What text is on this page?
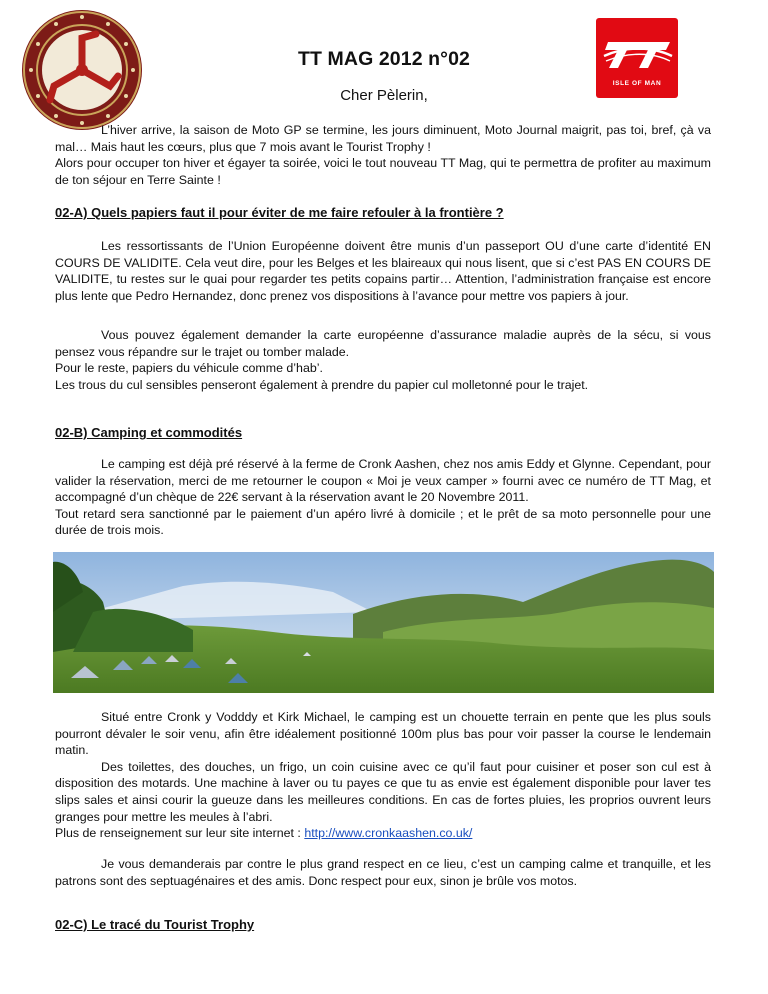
ISLE OF MAN
TT MAG 2012 n°02
Cher Pèlerin,
L’hiver arrive, la saison de Moto GP se termine, les jours diminuent, Moto Journal maigrit, pas toi, bref, çà va mal… Mais haut les cœurs, plus que 7 mois avant le Tourist Trophy !
Alors pour occuper ton hiver et égayer ta soirée, voici le tout nouveau TT Mag, qui te permettra de profiter au maximum de ton séjour en Terre Sainte !
02-A) Quels papiers faut il pour éviter de me faire refouler à la frontière ?
Les ressortissants de l’Union Européenne doivent être munis d’un passeport OU d’une carte d’identité EN COURS DE VALIDITE. Cela veut dire, pour les Belges et les blaireaux qui nous lisent, que si c’est PAS EN COURS DE VALIDITE, tu restes sur le quai pour regarder tes petits copains partir… Attention, l’administration française est encore plus lente que Pedro Hernandez, donc prenez vos dispositions à l’avance pour mettre vos papiers à jour.
Vous pouvez également demander la carte européenne d’assurance maladie auprès de la sécu, si vous pensez vous répandre sur le trajet ou tomber malade.
Pour le reste, papiers du véhicule comme d’hab’.
Les trous du cul sensibles penseront également à prendre du papier cul molletonné pour le trajet.
02-B) Camping et commodités
Le camping est déjà pré réservé à la ferme de Cronk Aashen, chez nos amis Eddy et Glynne. Cependant, pour valider la réservation, merci de me retourner le coupon « Moi je veux camper » fourni avec ce numéro de TT Mag, et accompagné d’un chèque de 22€ servant à la réservation avant le 20 Novembre 2011.
Tout retard sera sanctionné par le paiement d’un apéro livré à domicile ; et le prêt de sa moto personnelle pour une durée de trois mois.
Situé entre Cronk y Vodddy et Kirk Michael, le camping est un chouette terrain en pente que les plus souls pourront dévaler le soir venu, afin être idéalement positionné 100m plus bas pour voir passer la course le lendemain matin.
Des toilettes, des douches, un frigo, un coin cuisine avec ce qu’il faut pour cuisiner et poser son cul est à disposition des motards. Une machine à laver ou tu payes ce que tu as envie est également disponible pour laver tes slips sales et ainsi courir la gueuze dans les meilleures conditions. En cas de fortes pluies, les proprios ouvrent leurs granges pour mettre les meules à l’abri.
Plus de renseignement sur leur site internet : http://www.cronkaashen.co.uk/
Je vous demanderais par contre le plus grand respect en ce lieu, c’est un camping calme et tranquille, et les patrons sont des septuagénaires et des amis. Donc respect pour eux, sinon je brûle vos motos.
02-C) Le tracé du Tourist Trophy
